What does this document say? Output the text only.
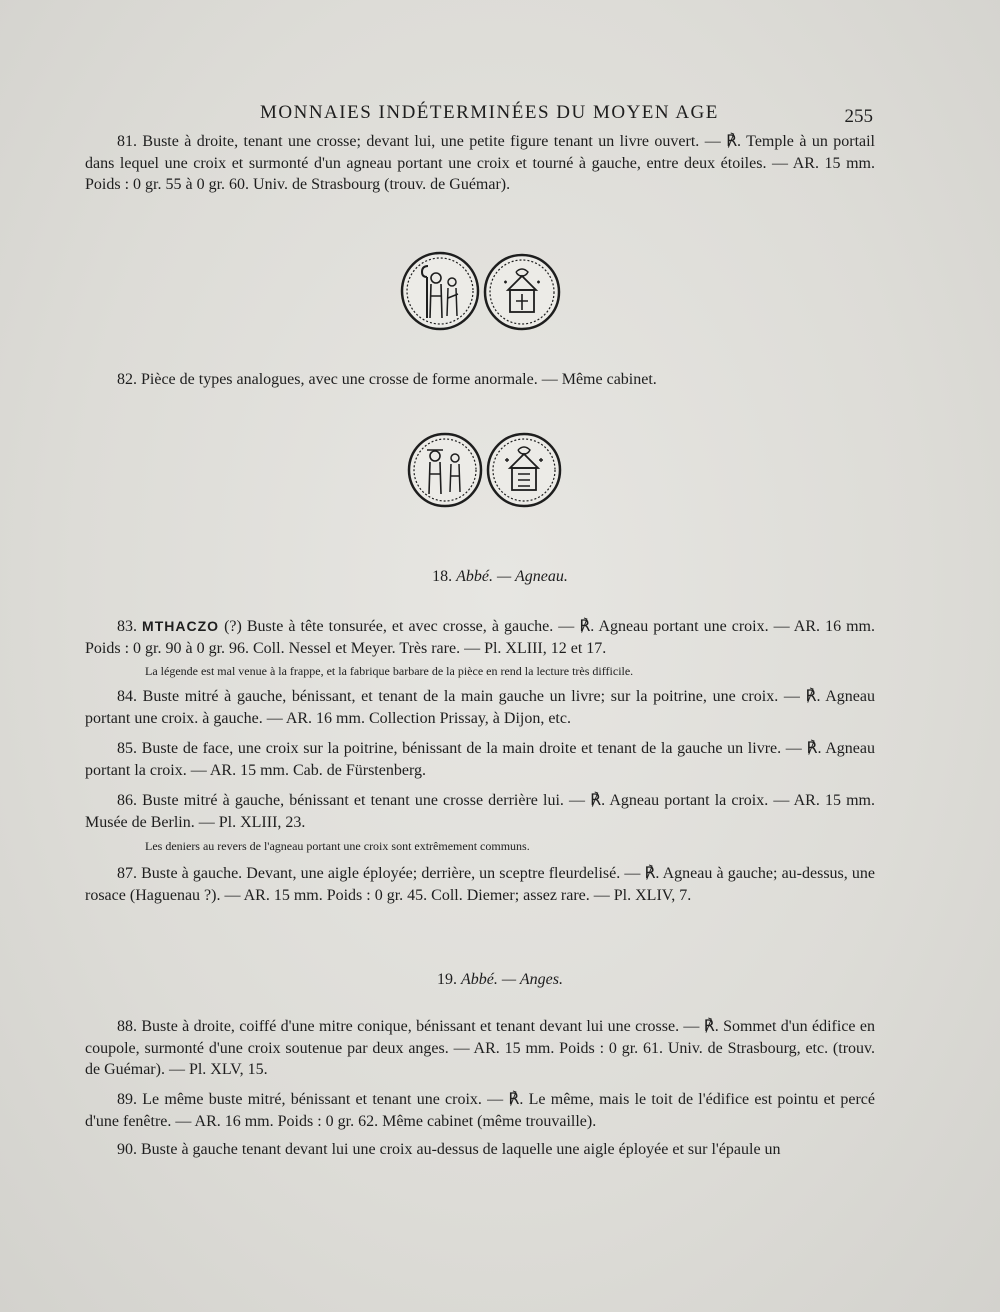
MONNAIES INDÉTERMINÉES DU MOYEN AGE	255

81. Buste à droite, tenant une crosse; devant lui, une petite figure tenant un livre ouvert. — ℟. Temple à un portail dans lequel une croix et surmonté d'un agneau portant une croix et tourné à gauche, entre deux étoiles. — AR. 15 mm. Poids : 0 gr. 55 à 0 gr. 60. Univ. de Strasbourg (trouv. de Guémar).

82. Pièce de types analogues, avec une crosse de forme anormale. — Même cabinet.

18. Abbé. — Agneau.

83. MTHACZO (?) Buste à tête tonsurée, et avec crosse, à gauche. — ℟. Agneau portant une croix. — AR. 16 mm. Poids : 0 gr. 90 à 0 gr. 96. Coll. Nessel et Meyer. Très rare. — Pl. XLIII, 12 et 17.

La légende est mal venue à la frappe, et la fabrique barbare de la pièce en rend la lecture très difficile.

84. Buste mitré à gauche, bénissant, et tenant de la main gauche un livre; sur la poitrine, une croix. — ℟. Agneau portant une croix. à gauche. — AR. 16 mm. Collection Prissay, à Dijon, etc.

85. Buste de face, une croix sur la poitrine, bénissant de la main droite et tenant de la gauche un livre. — ℟. Agneau portant la croix. — AR. 15 mm. Cab. de Fürstenberg.

86. Buste mitré à gauche, bénissant et tenant une crosse derrière lui. — ℟. Agneau portant la croix. — AR. 15 mm. Musée de Berlin. — Pl. XLIII, 23.

Les deniers au revers de l'agneau portant une croix sont extrêmement communs.

87. Buste à gauche. Devant, une aigle éployée; derrière, un sceptre fleurdelisé. — ℟. Agneau à gauche; au-dessus, une rosace (Haguenau ?). — AR. 15 mm. Poids : 0 gr. 45. Coll. Diemer; assez rare. — Pl. XLIV, 7.

19. Abbé. — Anges.

88. Buste à droite, coiffé d'une mitre conique, bénissant et tenant devant lui une crosse. — ℟. Sommet d'un édifice en coupole, surmonté d'une croix soutenue par deux anges. — AR. 15 mm. Poids : 0 gr. 61. Univ. de Strasbourg, etc. (trouv. de Guémar). — Pl. XLV, 15.

89. Le même buste mitré, bénissant et tenant une croix. — ℟. Le même, mais le toit de l'édifice est pointu et percé d'une fenêtre. — AR. 16 mm. Poids : 0 gr. 62. Même cabinet (même trouvaille).

90. Buste à gauche tenant devant lui une croix au-dessus de laquelle une aigle éployée et sur l'épaule un
